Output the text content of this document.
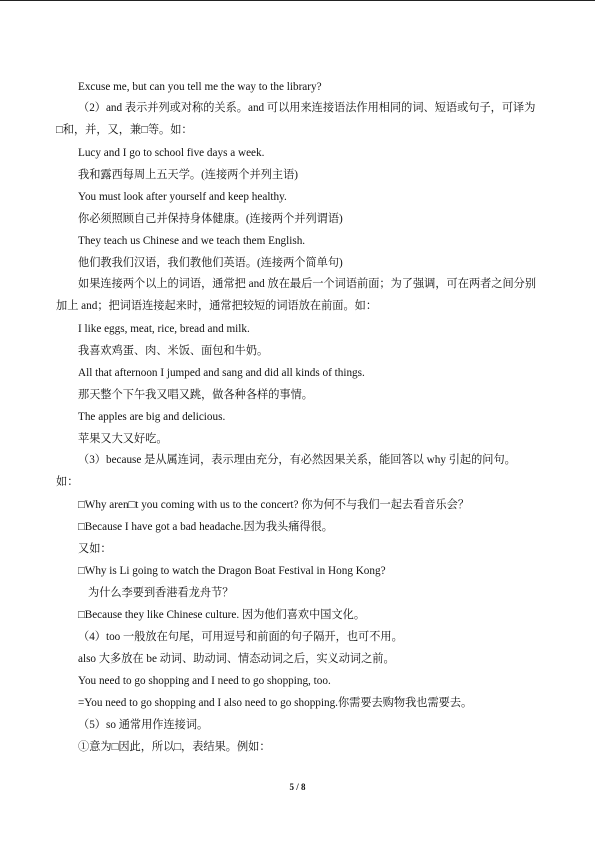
Excuse me, but can you tell me the way to the library?
（2）and 表示并列或对称的关系。and 可以用来连接语法作用相同的词、短语或句子，可译为□和，并，又，兼□等。如：
Lucy and I go to school five days a week.
我和露西每周上五天学。(连接两个并列主语)
You must look after yourself and keep healthy.
你必须照顾自己并保持身体健康。(连接两个并列谓语)
They teach us Chinese and we teach them English.
他们教我们汉语，我们教他们英语。(连接两个简单句)
如果连接两个以上的词语，通常把 and 放在最后一个词语前面；为了强调，可在两者之间分别加上 and；把词语连接起来时，通常把较短的词语放在前面。如：
I like eggs, meat, rice, bread and milk.
我喜欢鸡蛋、肉、米饭、面包和牛奶。
All that afternoon I jumped and sang and did all kinds of things.
那天整个下午我又唱又跳，做各种各样的事情。
The apples are big and delicious.
苹果又大又好吃。
（3）because 是从属连词，表示理由充分，有必然因果关系，能回答以 why 引起的问句。如：
□Why aren□t you coming with us to the concert? 你为何不与我们一起去看音乐会？
□Because I have got a bad headache.因为我头痛得很。
又如：
□Why is Li going to watch the Dragon Boat Festival in Hong Kong?
为什么李要到香港看龙舟节？
□Because they like Chinese culture. 因为他们喜欢中国文化。
（4）too 一般放在句尾，可用逗号和前面的句子隔开，也可不用。
also 大多放在 be 动词、助动词、情态动词之后，实义动词之前。
You need to go shopping and I need to go shopping, too.
=You need to go shopping and I also need to go shopping.你需要去购物我也需要去。
（5）so 通常用作连接词。
①意为□因此，所以□，表结果。例如：
5 / 8
